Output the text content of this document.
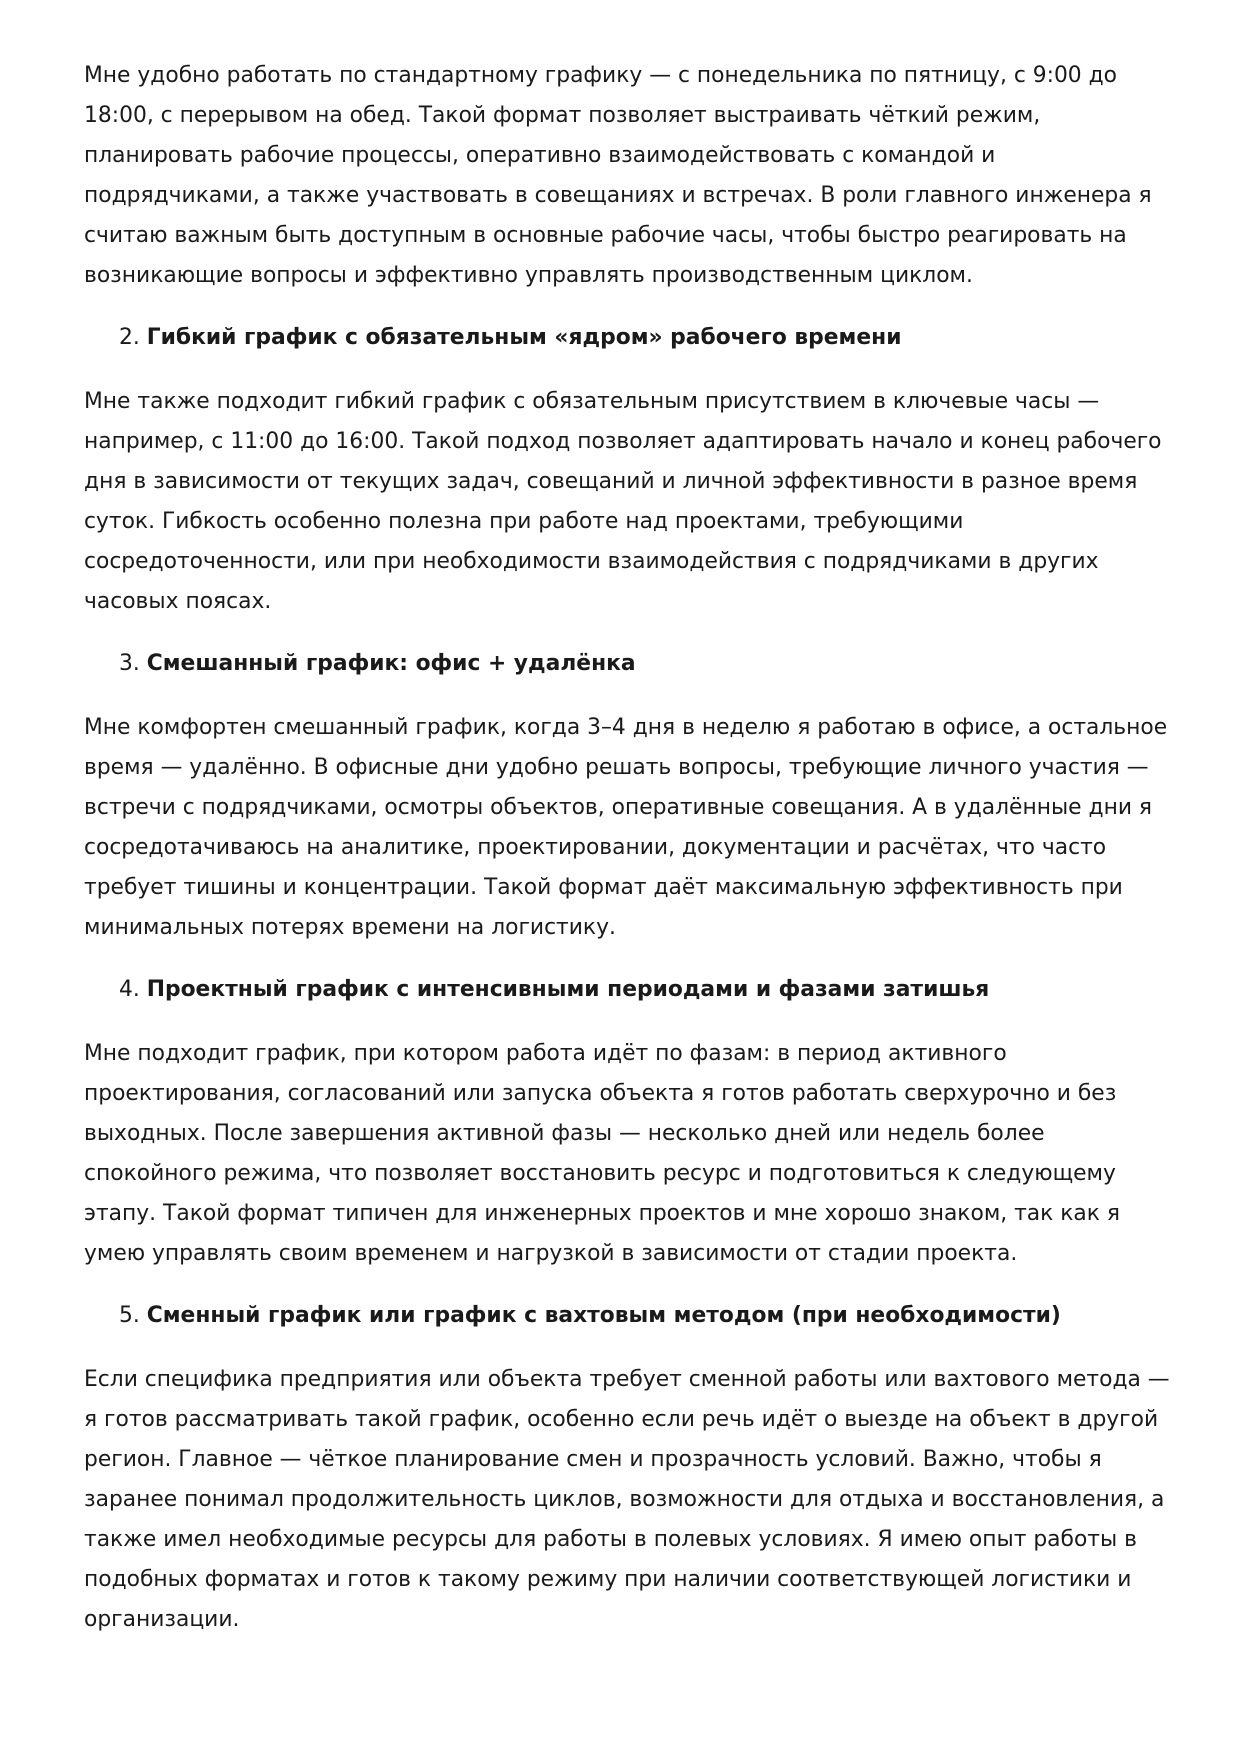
Мне удобно работать по стандартному графику — с понедельника по пятницу, с 9:00 до 18:00, с перерывом на обед. Такой формат позволяет выстраивать чёткий режим, планировать рабочие процессы, оперативно взаимодействовать с командой и подрядчиками, а также участвовать в совещаниях и встречах. В роли главного инженера я считаю важным быть доступным в основные рабочие часы, чтобы быстро реагировать на возникающие вопросы и эффективно управлять производственным циклом.

2. Гибкий график с обязательным «ядром» рабочего времени

Мне также подходит гибкий график с обязательным присутствием в ключевые часы — например, с 11:00 до 16:00. Такой подход позволяет адаптировать начало и конец рабочего дня в зависимости от текущих задач, совещаний и личной эффективности в разное время суток. Гибкость особенно полезна при работе над проектами, требующими сосредоточенности, или при необходимости взаимодействия с подрядчиками в других часовых поясах.

3. Смешанный график: офис + удалёнка

Мне комфортен смешанный график, когда 3–4 дня в неделю я работаю в офисе, а остальное время — удалённо. В офисные дни удобно решать вопросы, требующие личного участия — встречи с подрядчиками, осмотры объектов, оперативные совещания. А в удалённые дни я сосредотачиваюсь на аналитике, проектировании, документации и расчётах, что часто требует тишины и концентрации. Такой формат даёт максимальную эффективность при минимальных потерях времени на логистику.

4. Проектный график с интенсивными периодами и фазами затишья

Мне подходит график, при котором работа идёт по фазам: в период активного проектирования, согласований или запуска объекта я готов работать сверхурочно и без выходных. После завершения активной фазы — несколько дней или недель более спокойного режима, что позволяет восстановить ресурс и подготовиться к следующему этапу. Такой формат типичен для инженерных проектов и мне хорошо знаком, так как я умею управлять своим временем и нагрузкой в зависимости от стадии проекта.

5. Сменный график или график с вахтовым методом (при необходимости)

Если специфика предприятия или объекта требует сменной работы или вахтового метода — я готов рассматривать такой график, особенно если речь идёт о выезде на объект в другой регион. Главное — чёткое планирование смен и прозрачность условий. Важно, чтобы я заранее понимал продолжительность циклов, возможности для отдыха и восстановления, а также имел необходимые ресурсы для работы в полевых условиях. Я имею опыт работы в подобных форматах и готов к такому режиму при наличии соответствующей логистики и организации.
